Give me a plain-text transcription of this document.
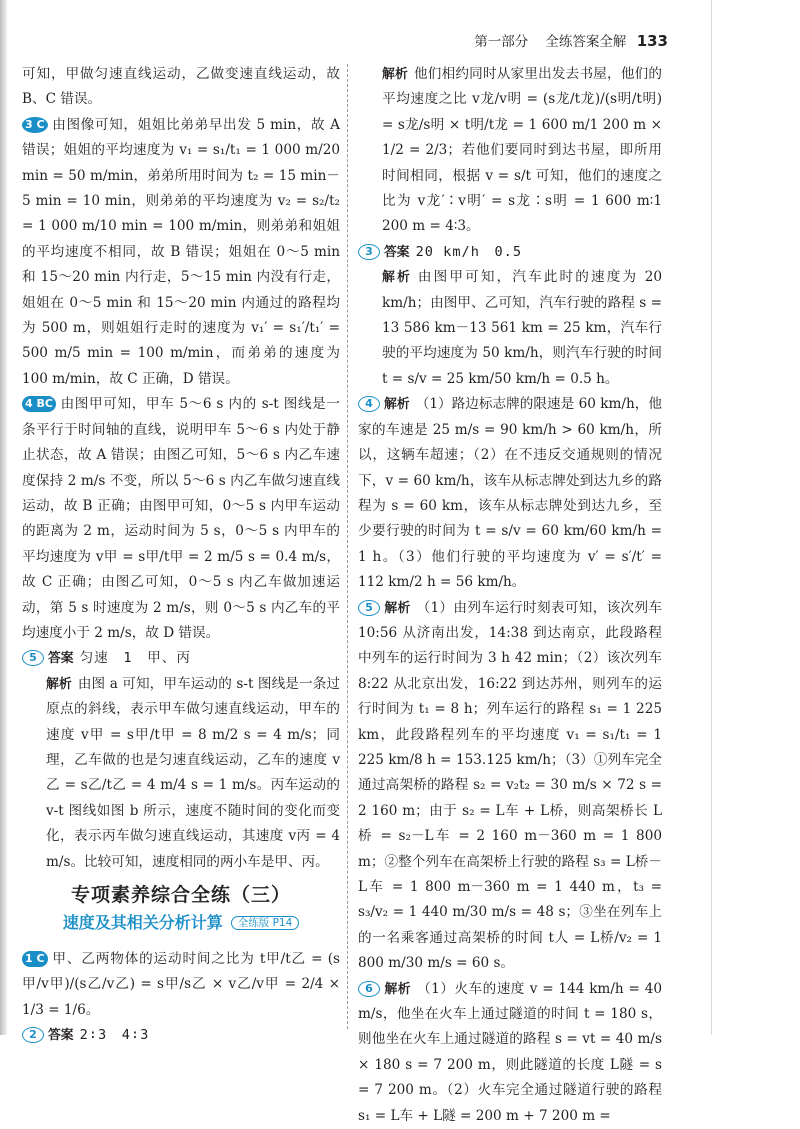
第一部分 全练答案全解 133

可知，甲做匀速直线运动，乙做变速直线运动，故 B、C 错误。

3 C 由图像可知，姐姐比弟弟早出发 5 min，故 A 错误；姐姐的平均速度为 v₁ = s₁/t₁ = 1 000 m/20 min = 50 m/min，弟弟所用时间为 t₂ = 15 min－5 min = 10 min，则弟弟的平均速度为 v₂ = s₂/t₂ = 1 000 m/10 min = 100 m/min，则弟弟和姐姐的平均速度不相同，故 B 错误；姐姐在 0～5 min 和 15～20 min 内行走，5～15 min 内没有行走，姐姐在 0～5 min 和 15～20 min 内通过的路程均为 500 m，则姐姐行走时的速度为 v₁′ = s₁′/t₁′ = 500 m/5 min = 100 m/min，而弟弟的速度为 100 m/min，故 C 正确，D 错误。

4 BC 由图甲可知，甲车 5～6 s 内的 s-t 图线是一条平行于时间轴的直线，说明甲车 5～6 s 内处于静止状态，故 A 错误；由图乙可知，5～6 s 内乙车速度保持 2 m/s 不变，所以 5～6 s 内乙车做匀速直线运动，故 B 正确；由图甲可知，0～5 s 内甲车运动的距离为 2 m，运动时间为 5 s，0～5 s 内甲车的平均速度为 v甲 = s甲/t甲 = 2 m/5 s = 0.4 m/s，故 C 正确；由图乙可知，0～5 s 内乙车做加速运动，第 5 s 时速度为 2 m/s，则 0～5 s 内乙车的平均速度小于 2 m/s，故 D 错误。

5 答案 匀速　1　甲、丙

解析 由图 a 可知，甲车运动的 s-t 图线是一条过原点的斜线，表示甲车做匀速直线运动，甲车的速度 v甲 = s甲/t甲 = 8 m/2 s = 4 m/s；同理，乙车做的也是匀速直线运动，乙车的速度 v乙 = s乙/t乙 = 4 m/4 s = 1 m/s。丙车运动的 v-t 图线如图 b 所示，速度不随时间的变化而变化，表示丙车做匀速直线运动，其速度 v丙 = 4 m/s。比较可知，速度相同的两小车是甲、丙。

专项素养综合全练（三）
速度及其相关分析计算 全练版 P14

1 C 甲、乙两物体的运动时间之比为 t甲/t乙 = (s甲/v甲)/(s乙/v乙) = s甲/s乙 × v乙/v甲 = 2/4 × 1/3 = 1/6。

2 答案 2∶3　4∶3

解析 他们相约同时从家里出发去书屋，他们的平均速度之比 v龙/v明 = (s龙/t龙)/(s明/t明) = s龙/s明 × t明/t龙 = 1 600 m/1 200 m × 1/2 = 2/3；若他们要同时到达书屋，即所用时间相同，根据 v = s/t 可知，他们的速度之比为 v龙′∶v明′ = s龙∶s明 = 1 600 m∶1 200 m = 4∶3。

3 答案 20 km/h　0.5

解析 由图甲可知，汽车此时的速度为 20 km/h；由图甲、乙可知，汽车行驶的路程 s = 13 586 km－13 561 km = 25 km，汽车行驶的平均速度为 50 km/h，则汽车行驶的时间 t = s/v = 25 km/50 km/h = 0.5 h。

4 解析 （1）路边标志牌的限速是 60 km/h，他家的车速是 25 m/s = 90 km/h > 60 km/h，所以，这辆车超速；（2）在不违反交通规则的情况下，v = 60 km/h，该车从标志牌处到达九乡的路程为 s = 60 km，该车从标志牌处到达九乡，至少要行驶的时间为 t = s/v = 60 km/60 km/h = 1 h。（3）他们行驶的平均速度为 v′ = s′/t′ = 112 km/2 h = 56 km/h。

5 解析 （1）由列车运行时刻表可知，该次列车 10:56 从济南出发，14:38 到达南京，此段路程中列车的运行时间为 3 h 42 min；（2）该次列车 8:22 从北京出发，16:22 到达苏州，则列车的运行时间为 t₁ = 8 h；列车运行的路程 s₁ = 1 225 km，此段路程列车的平均速度 v₁ = s₁/t₁ = 1 225 km/8 h = 153.125 km/h；（3）①列车完全通过高架桥的路程 s₂ = v₂t₂ = 30 m/s × 72 s = 2 160 m；由于 s₂ = L车 + L桥，则高架桥长 L桥 = s₂－L车 = 2 160 m－360 m = 1 800 m；②整个列车在高架桥上行驶的路程 s₃ = L桥－L车 = 1 800 m－360 m = 1 440 m，t₃ = s₃/v₂ = 1 440 m/30 m/s = 48 s；③坐在列车上的一名乘客通过高架桥的时间 t人 = L桥/v₂ = 1 800 m/30 m/s = 60 s。

6 解析 （1）火车的速度 v = 144 km/h = 40 m/s，他坐在火车上通过隧道的时间 t = 180 s，则他坐在火车上通过隧道的路程 s = vt = 40 m/s × 180 s = 7 200 m，则此隧道的长度 L隧 = s = 7 200 m。（2）火车完全通过隧道行驶的路程 s₁ = L车 + L隧 = 200 m + 7 200 m =
